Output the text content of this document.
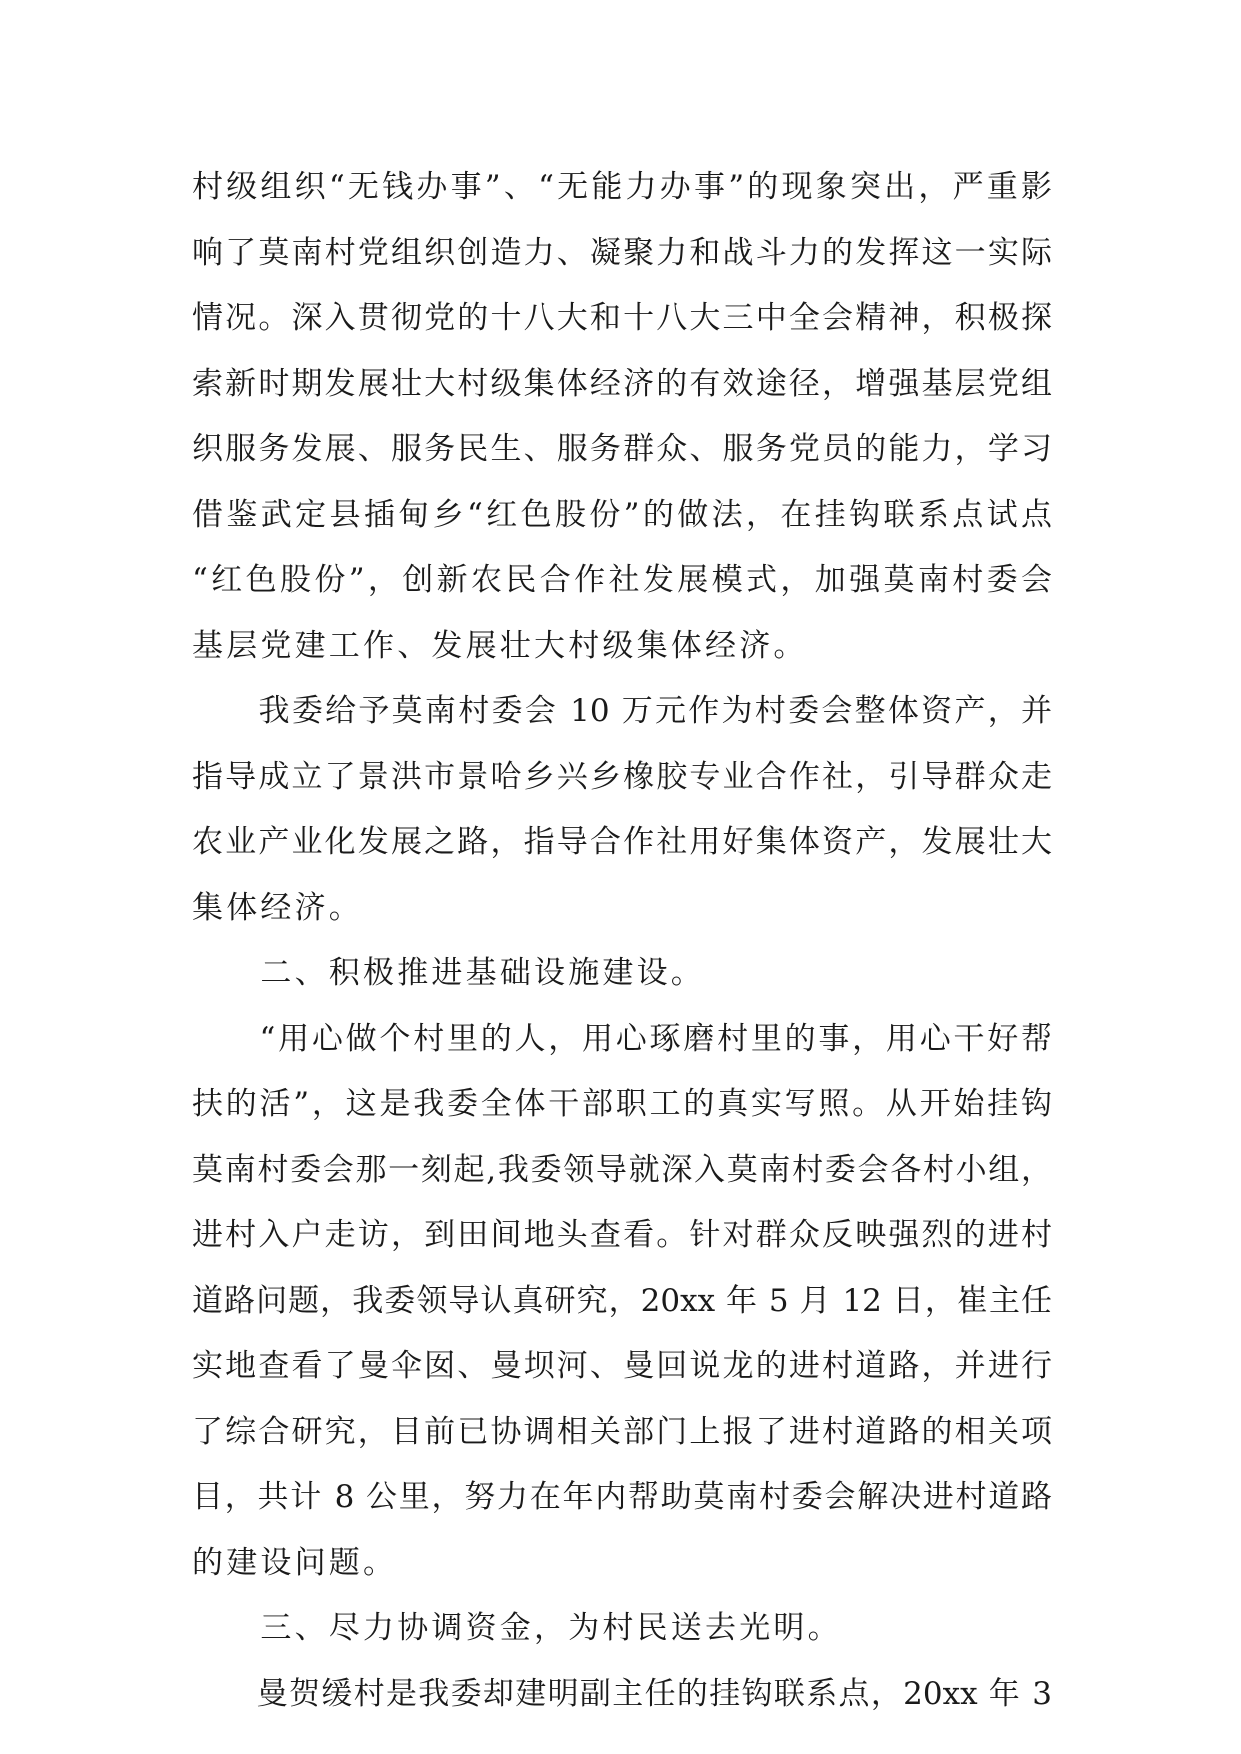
村级组织“无钱办事”、“无能力办事”的现象突出，严重影
响了莫南村党组织创造力、凝聚力和战斗力的发挥这一实际
情况。深入贯彻党的十八大和十八大三中全会精神，积极探
索新时期发展壮大村级集体经济的有效途径，增强基层党组
织服务发展、服务民生、服务群众、服务党员的能力，学习
借鉴武定县插甸乡“红色股份”的做法，在挂钩联系点试点
“红色股份”，创新农民合作社发展模式，加强莫南村委会
基层党建工作、发展壮大村级集体经济。
　　我委给予莫南村委会 10 万元作为村委会整体资产，并
指导成立了景洪市景哈乡兴乡橡胶专业合作社，引导群众走
农业产业化发展之路，指导合作社用好集体资产，发展壮大
集体经济。
　　二、积极推进基础设施建设。
　　“用心做个村里的人，用心琢磨村里的事，用心干好帮
扶的活”，这是我委全体干部职工的真实写照。从开始挂钩
莫南村委会那一刻起,我委领导就深入莫南村委会各村小组，
进村入户走访，到田间地头查看。针对群众反映强烈的进村
道路问题，我委领导认真研究，20xx 年 5 月 12 日，崔主任
实地查看了曼伞囡、曼坝河、曼回说龙的进村道路，并进行
了综合研究，目前已协调相关部门上报了进村道路的相关项
目，共计 8 公里，努力在年内帮助莫南村委会解决进村道路
的建设问题。
　　三、尽力协调资金，为村民送去光明。
　　曼贺缓村是我委却建明副主任的挂钩联系点，20xx 年 3
